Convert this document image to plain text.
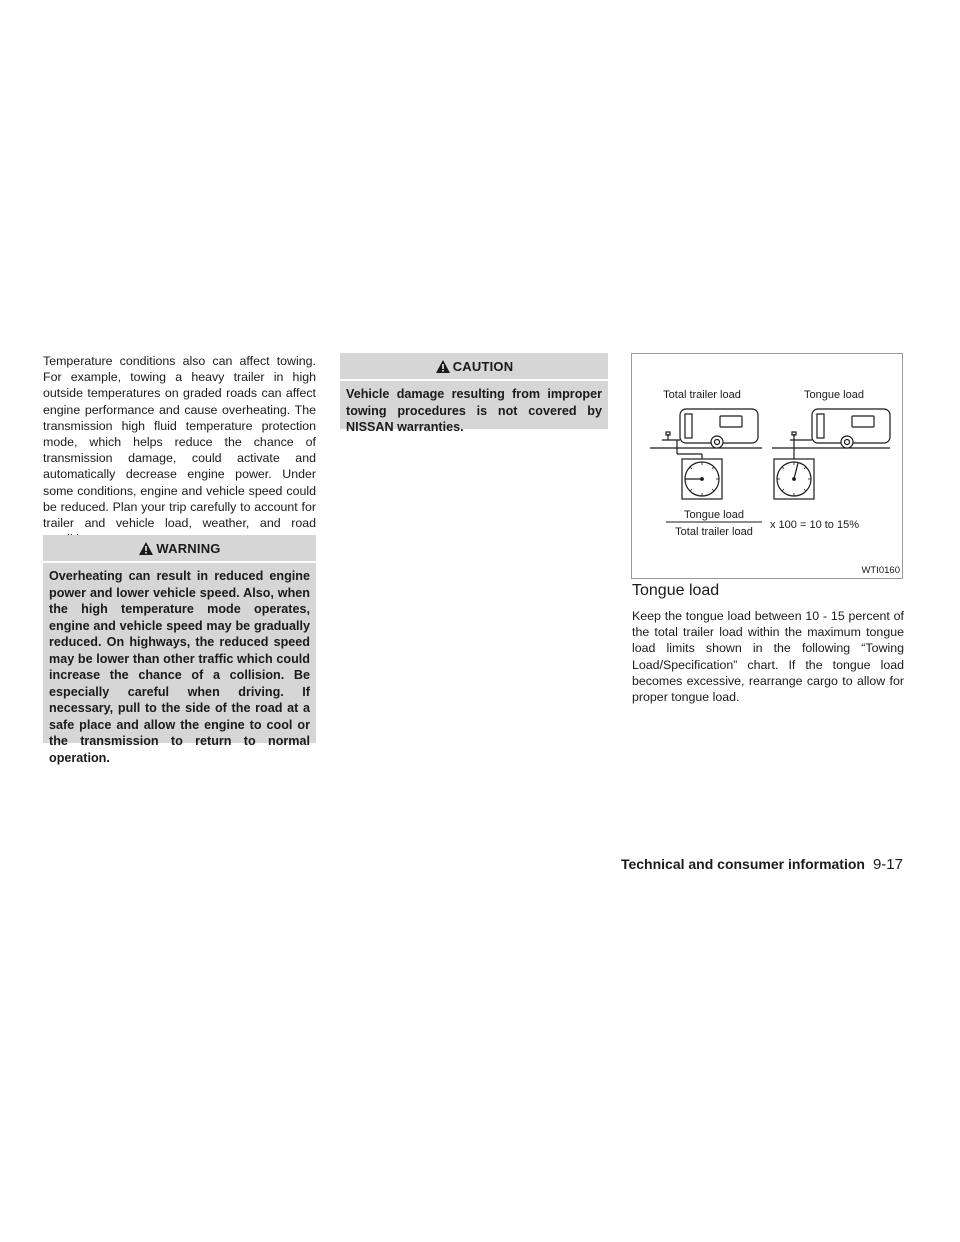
Temperature conditions also can affect towing. For example, towing a heavy trailer in high outside temperatures on graded roads can affect engine performance and cause overheating. The transmission high fluid temperature protection mode, which helps reduce the chance of transmission damage, could activate and automatically decrease engine power. Under some conditions, engine and vehicle speed could be reduced. Plan your trip carefully to account for trailer and vehicle load, weather, and road
WARNING
Overheating can result in reduced engine power and lower vehicle speed. Also, when the high temperature mode operates, engine and vehicle speed may be gradually reduced. On highways, the reduced speed may be lower than other traffic which could increase the chance of a collision. Be especially careful when driving. If necessary, pull to the side of the road at a safe place and allow the engine to cool or the transmission to return to normal operation.
CAUTION
Vehicle damage resulting from improper towing procedures is not covered by NISSAN warranties.
Total trailer load	Tongue load
Tongue load
Total trailer load
x 100 = 10 to 15%
WTI0160
Tongue load
Keep the tongue load between 10 - 15 percent of the total trailer load within the maximum tongue load limits shown in the following “Towing Load/Specification” chart. If the tongue load becomes excessive, rearrange cargo to allow for proper tongue load.
Technical and consumer information 9-17
